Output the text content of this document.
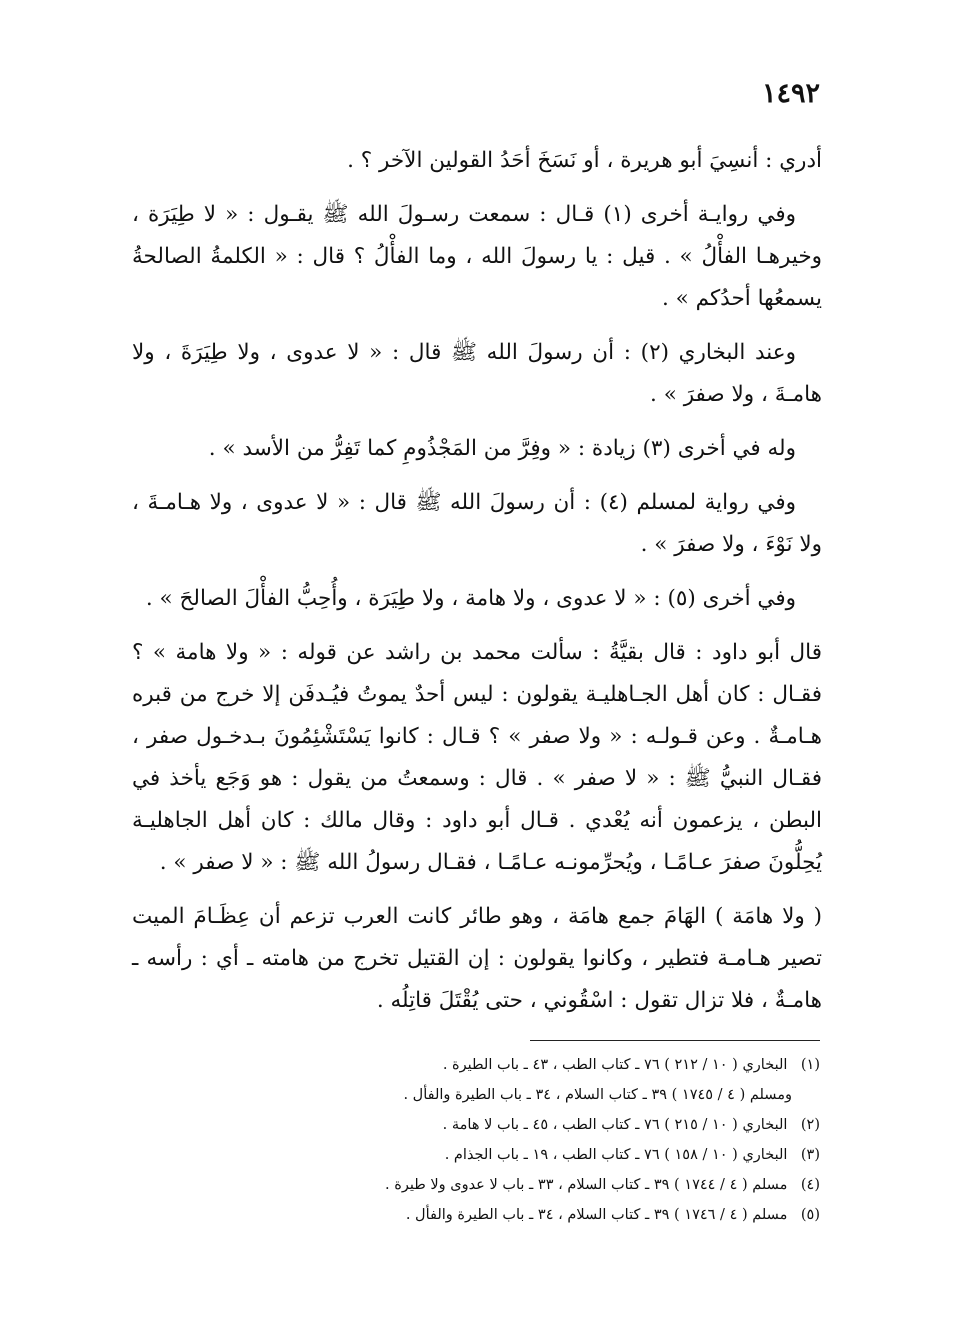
١٤٩٢

أدري : أنسِيَ أبو هريرة ، أو نَسَخَ أحَدُ القولين الآخر ؟ .

وفي روايـة أخرى (١) قـال : سمعت رسـولَ الله ﷺ يقـول : « لا طِيَرَة ، وخيرهـا الفأْلُ » . قيل : يا رسولَ الله ، وما الفأْلُ ؟ قال : « الكلمةُ الصالحةُ يسمعُها أحدُكم » .

وعند البخاري (٢) : أن رسولَ الله ﷺ قال : « لا عدوى ، ولا طِيَرَةَ ، ولا هامـةَ ، ولا صفرَ » .

وله في أخرى (٣) زيادة : « وفِرَّ من المَجْذُومِ كما تَفِرُّ من الأسد » .

وفي رواية لمسلم (٤) : أن رسولَ الله ﷺ قال : « لا عدوى ، ولا هـامـةَ ، ولا نَوْءَ ، ولا صفرَ » .

وفي أخرى (٥) : « لا عدوى ، ولا هامة ، ولا طِيَرَة ، وأُحِبُّ الفأْلَ الصالحَ » .

قال أبو داود : قال بقيَّةُ : سألت محمد بن راشد عن قوله : « ولا هامة » ؟ فقـال : كان أهل الجـاهليـة يقولون : ليس أحدٌ يموتُ فيُـدفَن إلا خرج من قبره هـامـةٌ . وعن قـولـه : « ولا صفر » ؟ قـال : كانوا يَسْتَشْئِمُونَ بـدخـول صفر ، فقـال النبيُّ ﷺ : « لا صفر » . قال : وسمعتُ من يقول : هو وَجَع يأخذ في البطن ، يزعمون أنه يُعْدي . قـال أبو داود : وقال مالك : كان أهل الجاهليـة يُحِلُّونَ صفرَ عـامًـا ، ويُحرِّمونـه عـامًـا ، فقـال رسولُ الله ﷺ : « لا صفر » .

( ولا هامَة ) الهَامَ جمع هامَة ، وهو طائر كانت العرب تزعم أن عِظَـامَ الميت تصير هـامـة فتطير ، وكانوا يقولون : إن القتيل تخرج من هامته ـ أي : رأسه ـ هامـةٌ ، فلا تزال تقول : اسْقُوني ، حتى يُقْتَلَ قاتِلُه .

(١) البخاري ( ١٠ / ٢١٢ ) ٧٦ ـ كتاب الطب ، ٤٣ ـ باب الطيرة .

ومسلم ( ٤ / ١٧٤٥ ) ٣٩ ـ كتاب السلام ، ٣٤ ـ باب الطيرة والفأل .

(٢) البخاري ( ١٠ / ٢١٥ ) ٧٦ ـ كتاب الطب ، ٤٥ ـ باب لا هامة .

(٣) البخاري ( ١٠ / ١٥٨ ) ٧٦ ـ كتاب الطب ، ١٩ ـ باب الجذام .

(٤) مسلم ( ٤ / ١٧٤٤ ) ٣٩ ـ كتاب السلام ، ٣٣ ـ باب لا عدوى ولا طيرة .

(٥) مسلم ( ٤ / ١٧٤٦ ) ٣٩ ـ كتاب السلام ، ٣٤ ـ باب الطيرة والفأل .
